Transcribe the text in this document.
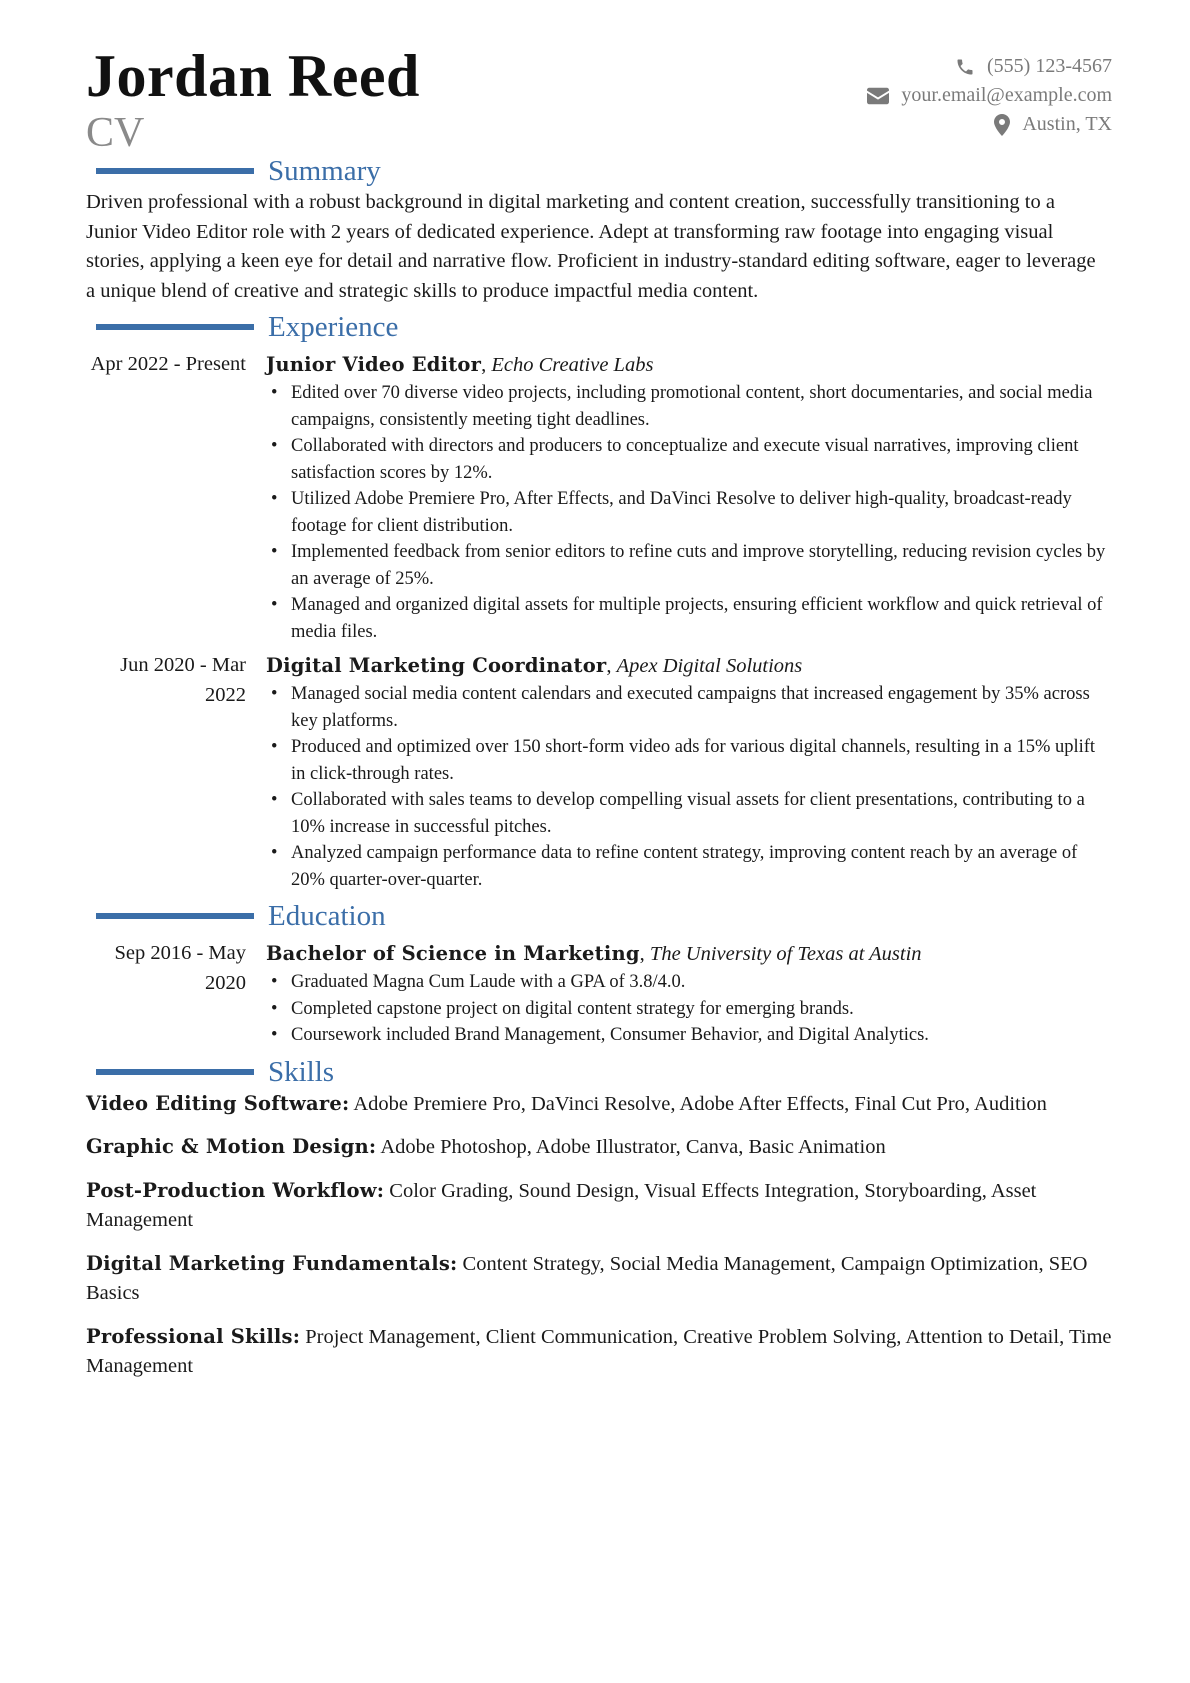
Jordan Reed
CV
(555) 123-4567
your.email@example.com
Austin, TX
Summary

Driven professional with a robust background in digital marketing and content creation, successfully transitioning to a Junior Video Editor role with 2 years of dedicated experience. Adept at transforming raw footage into engaging visual stories, applying a keen eye for detail and narrative flow. Proficient in industry-standard editing software, eager to leverage a unique blend of creative and strategic skills to produce impactful media content.

Experience
Apr 2022 - Present Junior Video Editor, Echo Creative Labs
• Edited over 70 diverse video projects, including promotional content, short documentaries, and social media campaigns, consistently meeting tight deadlines.
• Collaborated with directors and producers to conceptualize and execute visual narratives, improving client satisfaction scores by 12%.
• Utilized Adobe Premiere Pro, After Effects, and DaVinci Resolve to deliver high-quality, broadcast-ready footage for client distribution.
• Implemented feedback from senior editors to refine cuts and improve storytelling, reducing revision cycles by an average of 25%.
• Managed and organized digital assets for multiple projects, ensuring efficient workflow and quick retrieval of media files.
Jun 2020 - Mar 2022
Digital Marketing Coordinator, Apex Digital Solutions
• Managed social media content calendars and executed campaigns that increased engagement by 35% across key platforms.
• Produced and optimized over 150 short-form video ads for various digital channels, resulting in a 15% uplift in click-through rates.
• Collaborated with sales teams to develop compelling visual assets for client presentations, contributing to a 10% increase in successful pitches.
• Analyzed campaign performance data to refine content strategy, improving content reach by an average of 20% quarter-over-quarter.
Education
Sep 2016 - May 2020
Bachelor of Science in Marketing, The University of Texas at Austin
• Graduated Magna Cum Laude with a GPA of 3.8/4.0.
• Completed capstone project on digital content strategy for emerging brands.
• Coursework included Brand Management, Consumer Behavior, and Digital Analytics.
Skills

Video Editing Software: Adobe Premiere Pro, DaVinci Resolve, Adobe After Effects, Final Cut Pro, Audition

Graphic & Motion Design: Adobe Photoshop, Adobe Illustrator, Canva, Basic Animation

Post-Production Workflow: Color Grading, Sound Design, Visual Effects Integration, Storyboarding, Asset Management

Digital Marketing Fundamentals: Content Strategy, Social Media Management, Campaign Optimization, SEO Basics

Professional Skills: Project Management, Client Communication, Creative Problem Solving, Attention to Detail, Time Management
